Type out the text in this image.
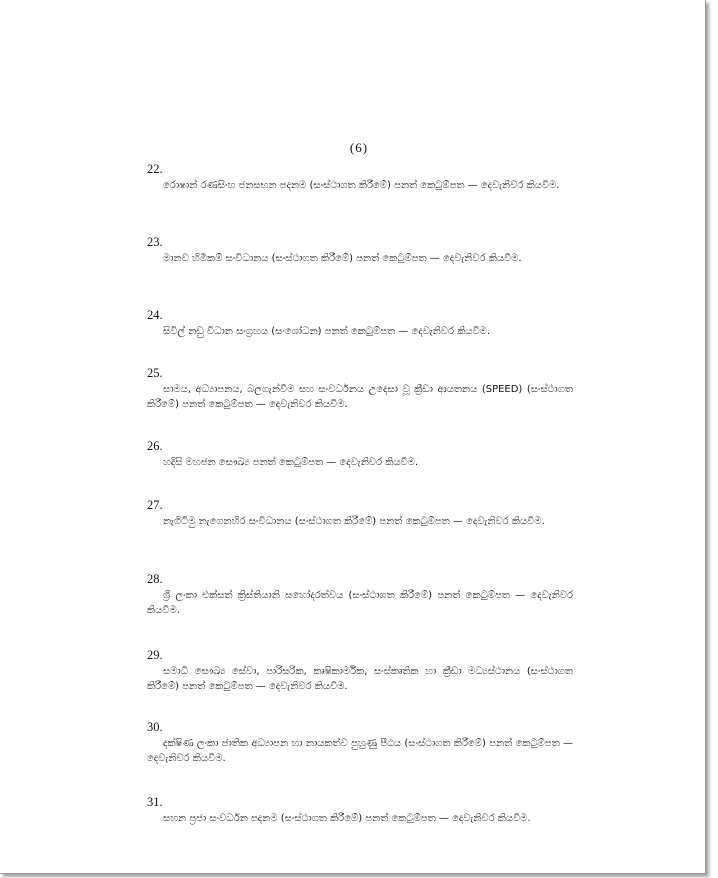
(6)
22.
රොෂාන් රණසිංහ ජනසභන පදනම (සංස්ථාගත කිරීමේ) පනත් කෙටුම්පත — දෙවැනිවර කියවීම.
23.
මානව හිමිකම් සංවිධානය (සංස්ථාගත කිරීමේ) පනත් කෙටුම්පත — දෙවැනිවර කියවීම.
24.
සිවිල් නඩු විධාන සංග්‍රහය (සංශෝධන) පනත් කෙටුම්පත — දෙවැනිවර කියවීම.
25.
සාමය, අධ්‍යාපනය, බලගැන්වීම සහ සංවර්ධනය උදෙසා වූ ක්‍රීඩා ආයතනය (SPEED) (සංස්ථාගත කිරීමේ) පනත් කෙටුම්පත — දෙවැනිවර කියවීම.
26.
හදිසි මහජන සෞඛ්‍ය පනත් කෙටුම්පත — දෙවැනිවර කියවීම.
27.
නැගිටිමු නැගෙනහිර සංවිධානය (සංස්ථාගත කිරීමේ) පනත් කෙටුම්පත — දෙවැනිවර කියවීම.
28.
ශ්‍රී ලංකා එක්සත් ක්‍රිස්තියානි සහෝදරත්වය (සංස්ථාගත කිරීමේ) පනත් කෙටුම්පත — දෙවැනිවර කියවීම.
29.
සමාධි සෞඛ්‍ය සේවා, පාරිසරික, කෘෂිකාර්මික, සංස්කෘතික හා ක්‍රීඩා මධ්‍යස්ථානය (සංස්ථාගත කිරීමේ) පනත් කෙටුම්පත — දෙවැනිවර කියවීම.
30.
දක්ෂිණ ලංකා ජාතික අධ්‍යාපන හා නායකත්ව පුහුණු පීඨය (සංස්ථාගත කිරීමේ) පනත් කෙටුම්පත — දෙවැනිවර කියවීම.
31.
සහන ප්‍රජා සංවර්ධන පදනම (සංස්ථාගත කිරීමේ) පනත් කෙටුම්පත — දෙවැනිවර කියවීම.
